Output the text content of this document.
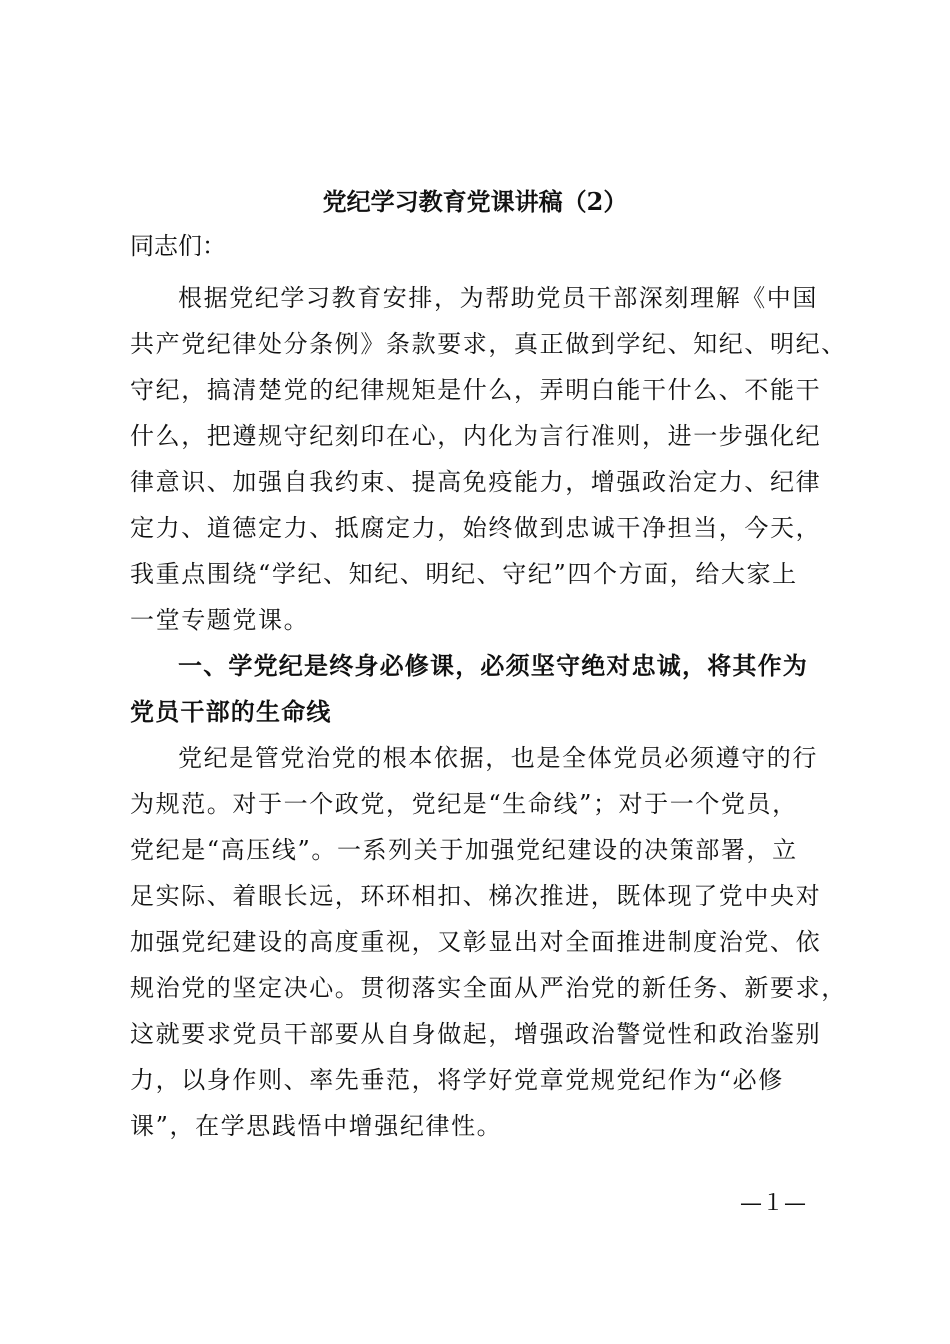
党纪学习教育党课讲稿（2）

同志们：

根据党纪学习教育安排，为帮助党员干部深刻理解《中国

共产党纪律处分条例》条款要求，真正做到学纪、知纪、明纪、

守纪，搞清楚党的纪律规矩是什么，弄明白能干什么、不能干

什么，把遵规守纪刻印在心，内化为言行准则，进一步强化纪

律意识、加强自我约束、提高免疫能力，增强政治定力、纪律

定力、道德定力、抵腐定力，始终做到忠诚干净担当，今天，

我重点围绕“学纪、知纪、明纪、守纪”四个方面，给大家上

一堂专题党课。

一、学党纪是终身必修课，必须坚守绝对忠诚，将其作为

党员干部的生命线

党纪是管党治党的根本依据，也是全体党员必须遵守的行

为规范。对于一个政党，党纪是“生命线”；对于一个党员，

党纪是“高压线”。一系列关于加强党纪建设的决策部署，立

足实际、着眼长远，环环相扣、梯次推进，既体现了党中央对

加强党纪建设的高度重视，又彰显出对全面推进制度治党、依

规治党的坚定决心。贯彻落实全面从严治党的新任务、新要求，

这就要求党员干部要从自身做起，增强政治警觉性和政治鉴别

力，以身作则、率先垂范，将学好党章党规党纪作为“必修

课”，在学思践悟中增强纪律性。

—１—
